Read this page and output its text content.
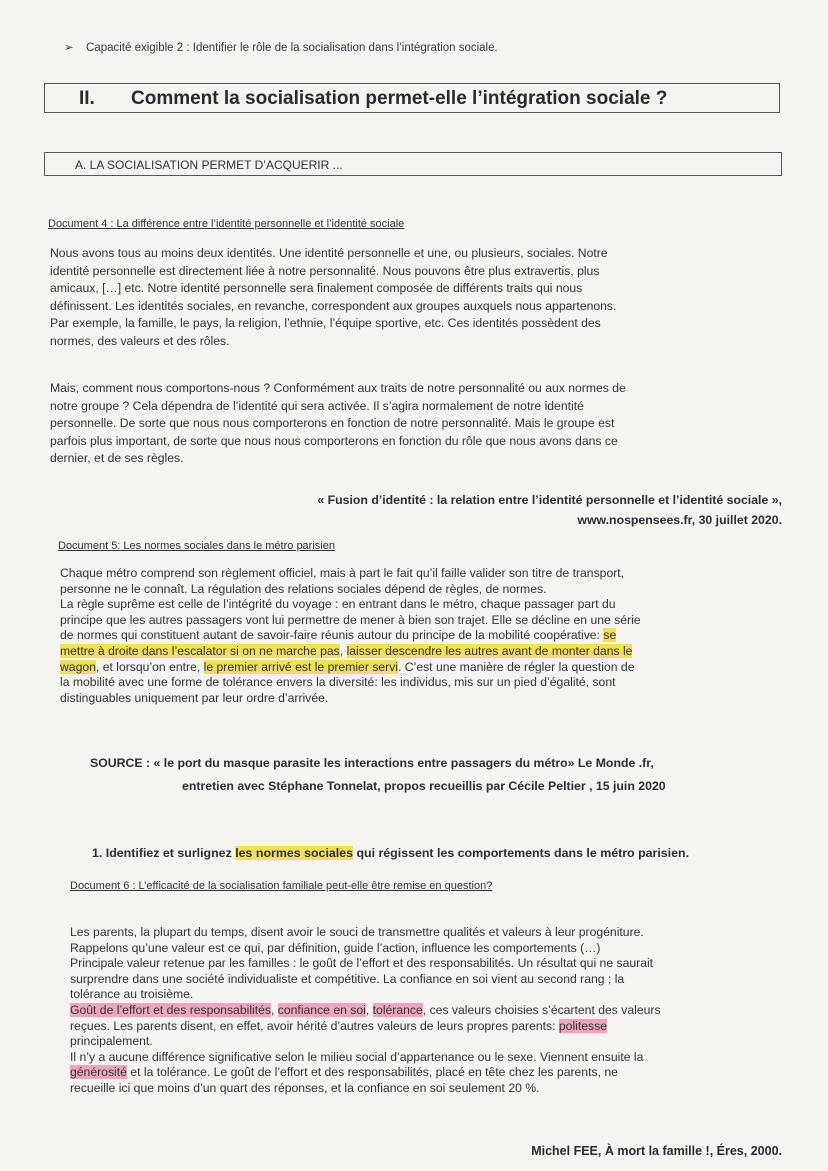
➢ Capacité exigible 2 : Identifier le rôle de la socialisation dans l’intégration sociale.
II. Comment la socialisation permet-elle l’intégration sociale ?
A. LA SOCIALISATION PERMET D’ACQUERIR ...
Document 4 : La différence entre l’identité personnelle et l’identité sociale
Nous avons tous au moins deux identités. Une identité personnelle et une, ou plusieurs, sociales. Notre
identité personnelle est directement liée à notre personnalité. Nous pouvons être plus extravertis, plus
amicaux, […] etc. Notre identité personnelle sera finalement composée de différents traits qui nous
définissent. Les identités sociales, en revanche, correspondent aux groupes auxquels nous appartenons.
Par exemple, la famille, le pays, la religion, l’ethnie, l’équipe sportive, etc. Ces identités possèdent des
normes, des valeurs et des rôles.
Mais, comment nous comportons-nous ? Conformément aux traits de notre personnalité ou aux normes de
notre groupe ? Cela dépendra de l’identité qui sera activée. Il s’agira normalement de notre identité
personnelle. De sorte que nous nous comporterons en fonction de notre personnalité. Mais le groupe est
parfois plus important, de sorte que nous nous comporterons en fonction du rôle que nous avons dans ce
dernier, et de ses règles.
« Fusion d’identité : la relation entre l’identité personnelle et l’identité sociale »,
www.nospensees.fr, 30 juillet 2020.
Document 5: Les normes sociales dans le métro parisien
Chaque métro comprend son règlement officiel, mais à part le fait qu’il faille valider son titre de transport,
personne ne le connaît. La régulation des relations sociales dépend de règles, de normes.
La règle suprême est celle de l’intégrité du voyage : en entrant dans le métro, chaque passager part du
principe que les autres passagers vont lui permettre de mener à bien son trajet. Elle se décline en une série
de normes qui constituent autant de savoir-faire réunis autour du principe de la mobilité coopérative: se
mettre à droite dans l’escalator si on ne marche pas, laisser descendre les autres avant de monter dans le
wagon, et lorsqu’on entre, le premier arrivé est le premier servi. C’est une manière de régler la question de
la mobilité avec une forme de tolérance envers la diversité: les individus, mis sur un pied d’égalité, sont
distinguables uniquement par leur ordre d’arrivée.
SOURCE : « le port du masque parasite les interactions entre passagers du métro» Le Monde .fr,
entretien avec Stéphane Tonnelat, propos recueillis par Cécile Peltier , 15 juin 2020
1. Identifiez et surlignez les normes sociales qui régissent les comportements dans le métro parisien.
Document 6 : L’efficacité de la socialisation familiale peut-elle être remise en question?
Les parents, la plupart du temps, disent avoir le souci de transmettre qualités et valeurs à leur progéniture.
Rappelons qu’une valeur est ce qui, par définition, guide l’action, influence les comportements (…)
Principale valeur retenue par les familles : le goût de l’effort et des responsabilités. Un résultat qui ne saurait
surprendre dans une société individualiste et compétitive. La confiance en soi vient au second rang ; la
tolérance au troisième.
Goût de l’effort et des responsabilités, confiance en soi, tolérance, ces valeurs choisies s’écartent des valeurs
reçues. Les parents disent, en effet, avoir hérité d’autres valeurs de leurs propres parents: politesse
principalement.
Il n’y a aucune différence significative selon le milieu social d’appartenance ou le sexe. Viennent ensuite la
générosité et la tolérance. Le goût de l’effort et des responsabilités, placé en tête chez les parents, ne
recueille ici que moins d’un quart des réponses, et la confiance en soi seulement 20 %.
Michel FEE, À mort la famille !, Éres, 2000.
